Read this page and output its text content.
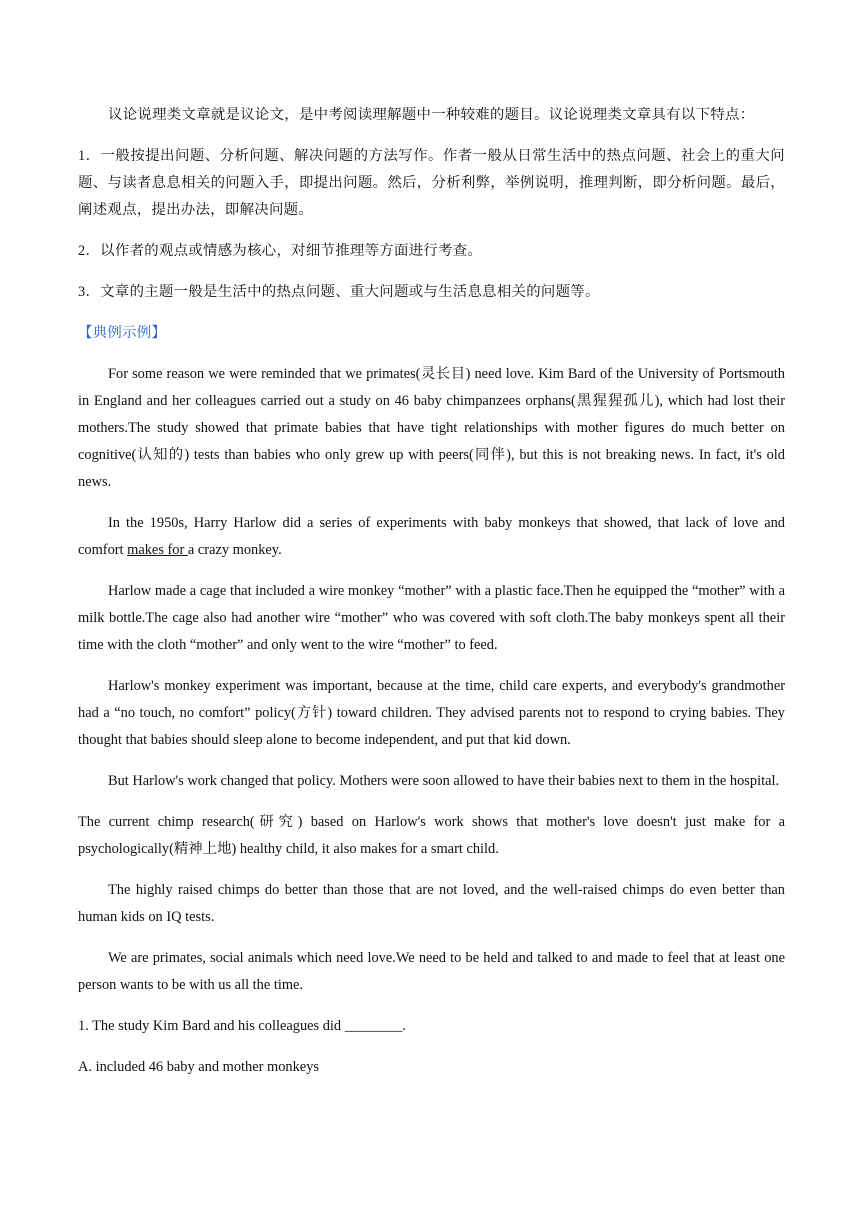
议论说理类文章就是议论文，是中考阅读理解题中一种较难的题目。议论说理类文章具有以下特点：

1．一般按提出问题、分析问题、解决问题的方法写作。作者一般从日常生活中的热点问题、社会上的重大问题、与读者息息相关的问题入手，即提出问题。然后，分析利弊，举例说明，推理判断，即分析问题。最后，阐述观点，提出办法，即解决问题。

2．以作者的观点或情感为核心，对细节推理等方面进行考查。

3．文章的主题一般是生活中的热点问题、重大问题或与生活息息相关的问题等。

【典例示例】

For some reason we were reminded that we primates(灵长目) need love. Kim Bard of the University of Portsmouth in England and her colleagues carried out a study on 46 baby chimpanzees orphans(黑猩猩孤儿), which had lost their mothers.The study showed that primate babies that have tight relationships with mother figures do much better on cognitive(认知的) tests than babies who only grew up with peers(同伴), but this is not breaking news. In fact, it's old news.

In the 1950s, Harry Harlow did a series of experiments with baby monkeys that showed, that lack of love and comfort makes for a crazy monkey.

Harlow made a cage that included a wire monkey “mother” with a plastic face.Then he equipped the “mother” with a milk bottle.The cage also had another wire “mother” who was covered with soft cloth.The baby monkeys spent all their time with the cloth “mother” and only went to the wire “mother” to feed.

Harlow's monkey experiment was important, because at the time, child care experts, and everybody's grandmother had a “no touch, no comfort” policy(方针) toward children. They advised parents not to respond to crying babies. They thought that babies should sleep alone to become independent, and put that kid down.

But Harlow's work changed that policy. Mothers were soon allowed to have their babies next to them in the hospital.

The current chimp research(研究) based on Harlow's work shows that mother's love doesn't just make for a psychologically(精神上地) healthy child, it also makes for a smart child.

The highly raised chimps do better than those that are not loved, and the well-raised chimps do even better than human kids on IQ tests.

We are primates, social animals which need love.We need to be held and talked to and made to feel that at least one person wants to be with us all the time.

1. The study Kim Bard and his colleagues did ________.

A. included 46 baby and mother monkeys
